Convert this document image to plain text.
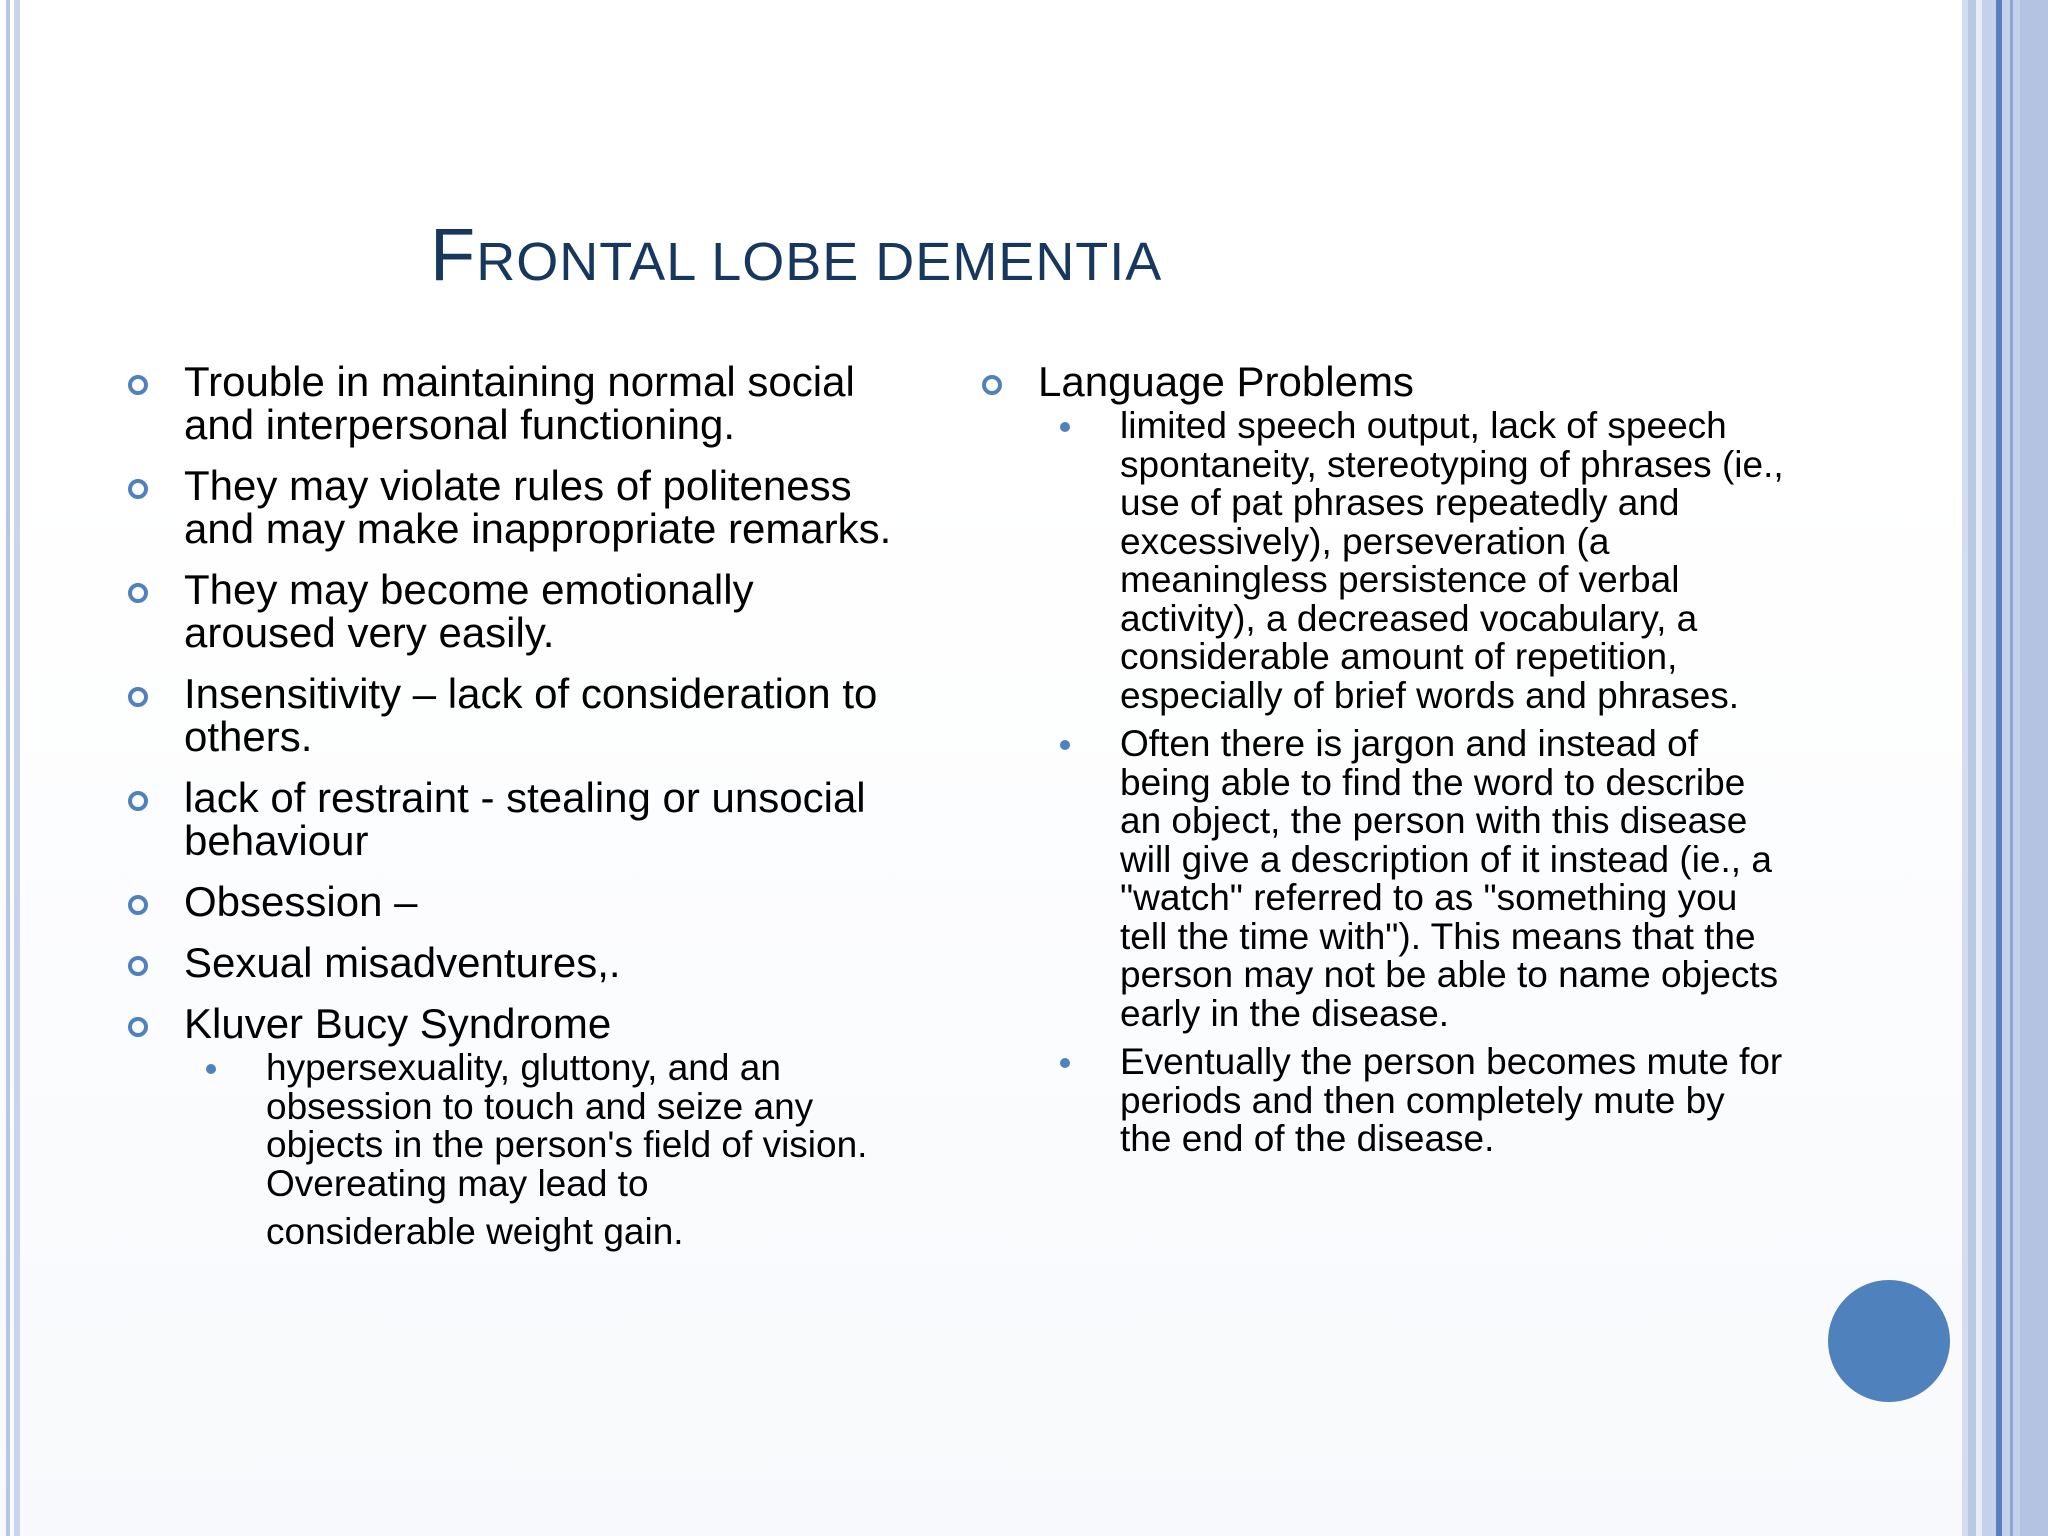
FRONTAL LOBE DEMENTIA
Trouble in maintaining normal social and interpersonal functioning.
They may violate rules of politeness and may make inappropriate remarks.
They may become emotionally aroused very easily.
Insensitivity – lack of consideration to others.
lack of restraint - stealing or unsocial behaviour
Obsession –
Sexual misadventures,.
Kluver Bucy Syndrome
hypersexuality, gluttony, and an obsession to touch and seize any objects in the person's field of vision. Overeating may lead to
considerable weight gain.
Language Problems
limited speech output, lack of speech spontaneity, stereotyping of phrases (ie., use of pat phrases repeatedly and excessively), perseveration (a meaningless persistence of verbal activity), a decreased vocabulary, a considerable amount of repetition, especially of brief words and phrases.
Often there is jargon and instead of being able to find the word to describe an object, the person with this disease will give a description of it instead (ie., a "watch" referred to as "something you tell the time with"). This means that the person may not be able to name objects early in the disease.
Eventually the person becomes mute for periods and then completely mute by the end of the disease.
